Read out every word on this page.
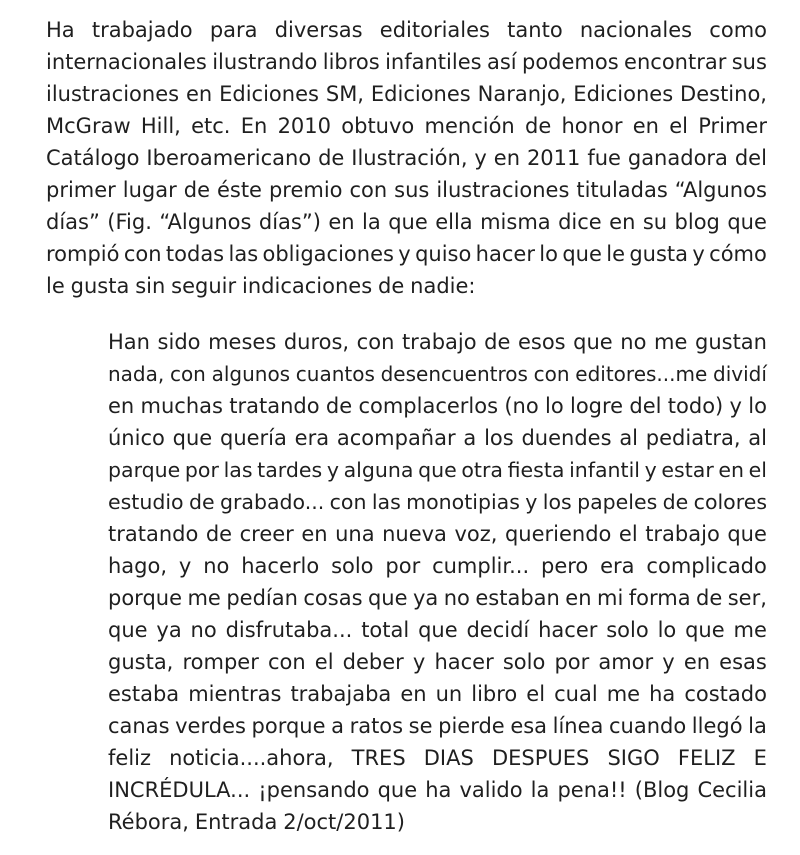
Ha trabajado para diversas editoriales tanto nacionales como
internacionales ilustrando libros infantiles así podemos encontrar sus
ilustraciones en Ediciones SM, Ediciones Naranjo, Ediciones Destino,
McGraw Hill, etc. En 2010 obtuvo mención de honor en el Primer
Catálogo Iberoamericano de Ilustración, y en 2011 fue ganadora del
primer lugar de éste premio con sus ilustraciones tituladas “Algunos
días” (Fig. “Algunos días”) en la que ella misma dice en su blog que
rompió con todas las obligaciones y quiso hacer lo que le gusta y cómo
le gusta sin seguir indicaciones de nadie:
Han sido meses duros, con trabajo de esos que no me gustan
nada, con algunos cuantos desencuentros con editores...me dividí
en muchas tratando de complacerlos (no lo logre del todo) y lo
único que quería era acompañar a los duendes al pediatra, al
parque por las tardes y alguna que otra fiesta infantil y estar en el
estudio de grabado... con las monotipias y los papeles de colores
tratando de creer en una nueva voz, queriendo el trabajo que
hago, y no hacerlo solo por cumplir... pero era complicado
porque me pedían cosas que ya no estaban en mi forma de ser,
que ya no disfrutaba... total que decidí hacer solo lo que me
gusta, romper con el deber y hacer solo por amor y en esas
estaba mientras trabajaba en un libro el cual me ha costado
canas verdes porque a ratos se pierde esa línea cuando llegó la
feliz noticia....ahora, TRES DIAS DESPUES SIGO FELIZ E
INCRÉDULA... ¡pensando que ha valido la pena!! (Blog Cecilia
Rébora, Entrada 2/oct/2011)
